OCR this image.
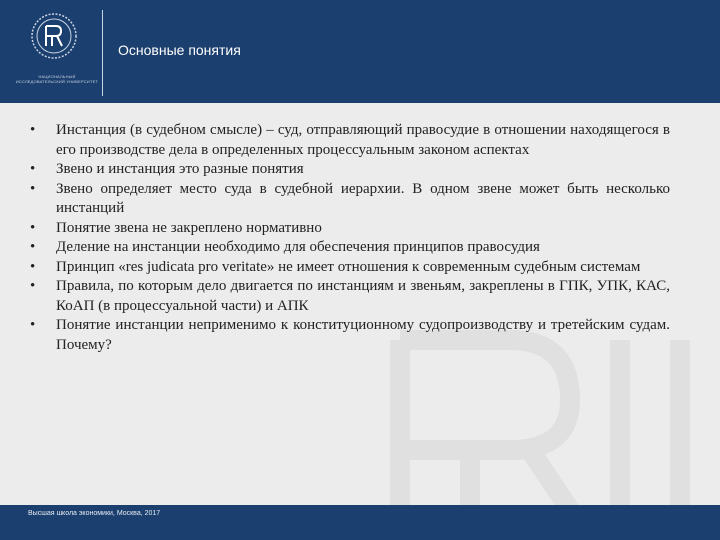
НАЦИОНАЛЬНЫЙ ИССЛЕДОВАТЕЛЬСКИЙ УНИВЕРСИТЕТ
Основные понятия
• Инстанция (в судебном смысле) – суд, отправляющий правосудие в отношении находящегося в его производстве дела в определенных процессуальным законом аспектах
• Звено и инстанция это разные понятия
• Звено определяет место суда в судебной иерархии. В одном звене может быть несколько инстанций
• Понятие звена не закреплено нормативно
• Деление на инстанции необходимо для обеспечения принципов правосудия
• Принцип «res judicata pro veritate» не имеет отношения к современным судебным системам
• Правила, по которым дело двигается по инстанциям и звеньям, закреплены в ГПК, УПК, КАС, КоАП (в процессуальной части) и АПК
• Понятие инстанции неприменимо к конституционному судопроизводству и третейским судам. Почему?
Высшая школа экономики, Москва, 2017
